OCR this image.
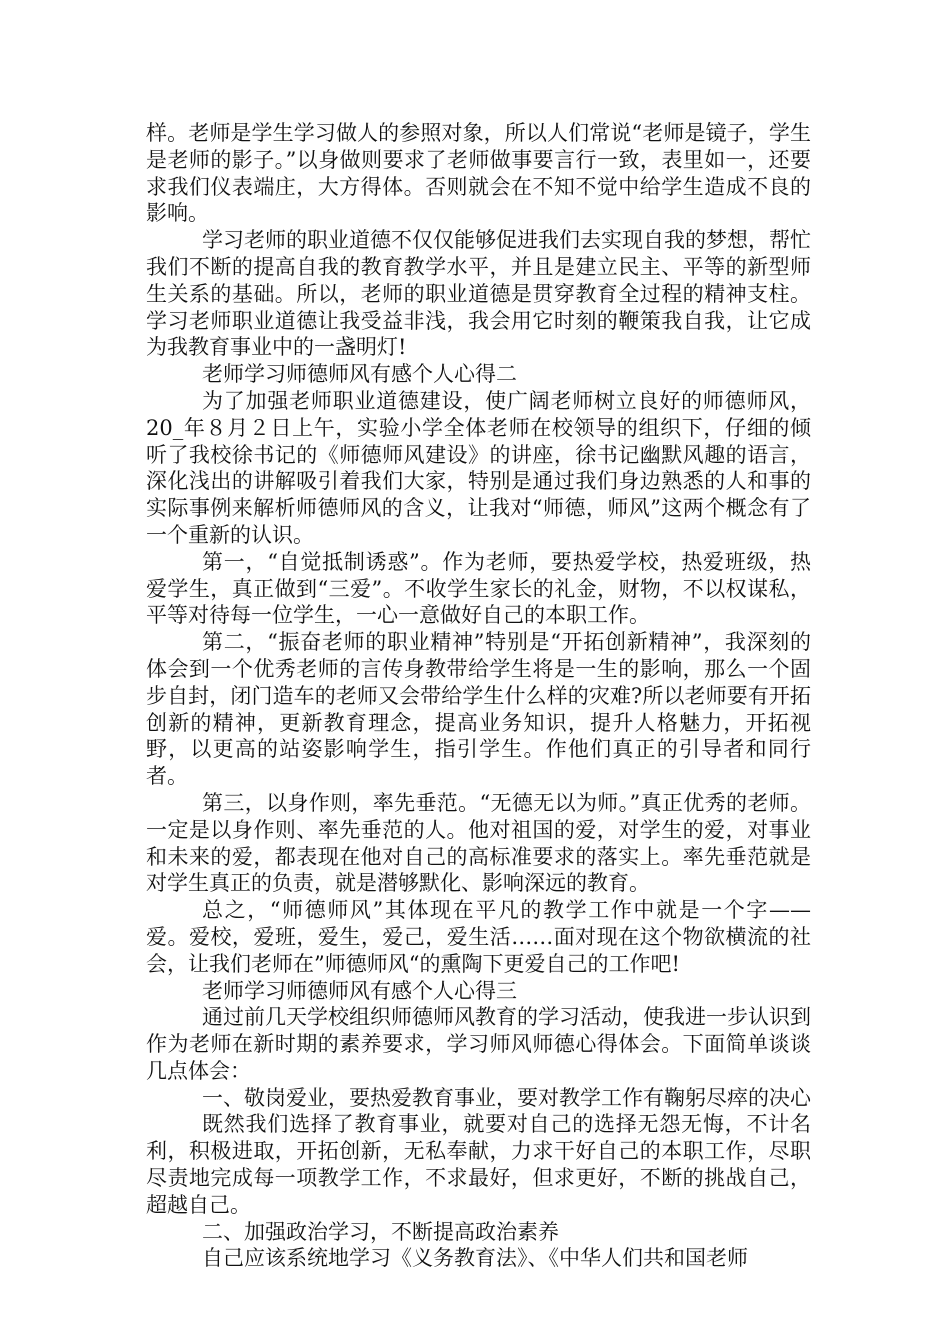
样。老师是学生学习做人的参照对象，所以人们常说“老师是镜子，学生是老师的影子。”以身做则要求了老师做事要言行一致，表里如一，还要求我们仪表端庄，大方得体。否则就会在不知不觉中给学生造成不良的影响。

学习老师的职业道德不仅仅能够促进我们去实现自我的梦想，帮忙我们不断的提高自我的教育教学水平，并且是建立民主、平等的新型师生关系的基础。所以，老师的职业道德是贯穿教育全过程的精神支柱。学习老师职业道德让我受益非浅，我会用它时刻的鞭策我自我，让它成为我教育事业中的一盏明灯!

老师学习师德师风有感个人心得二

为了加强老师职业道德建设，使广阔老师树立良好的师德师风，20_年８月２日上午，实验小学全体老师在校领导的组织下，仔细的倾听了我校徐书记的《师德师风建设》的讲座，徐书记幽默风趣的语言，深化浅出的讲解吸引着我们大家，特别是通过我们身边熟悉的人和事的实际事例来解析师德师风的含义，让我对“师德，师风”这两个概念有了一个重新的认识。

第一，“自觉抵制诱惑”。作为老师，要热爱学校，热爱班级，热爱学生，真正做到“三爱”。不收学生家长的礼金，财物，不以权谋私，平等对待每一位学生，一心一意做好自己的本职工作。

第二，“振奋老师的职业精神”特别是“开拓创新精神”，我深刻的体会到一个优秀老师的言传身教带给学生将是一生的影响，那么一个固步自封，闭门造车的老师又会带给学生什么样的灾难?所以老师要有开拓创新的精神，更新教育理念，提高业务知识，提升人格魅力，开拓视野，以更高的站姿影响学生，指引学生。作他们真正的引导者和同行者。

第三，以身作则，率先垂范。“无德无以为师。”真正优秀的老师。一定是以身作则、率先垂范的人。他对祖国的爱，对学生的爱，对事业和未来的爱，都表现在他对自己的高标准要求的落实上。率先垂范就是对学生真正的负责，就是潜够默化、影响深远的教育。

总之，“师德师风”其体现在平凡的教学工作中就是一个字——爱。爱校，爱班，爱生，爱己，爱生活……面对现在这个物欲横流的社会，让我们老师在”师德师风“的熏陶下更爱自己的工作吧!

老师学习师德师风有感个人心得三

通过前几天学校组织师德师风教育的学习活动，使我进一步认识到作为老师在新时期的素养要求，学习师风师德心得体会。下面简单谈谈几点体会：

一、敬岗爱业，要热爱教育事业，要对教学工作有鞠躬尽瘁的决心

既然我们选择了教育事业，就要对自己的选择无怨无悔，不计名利，积极进取，开拓创新，无私奉献，力求干好自己的本职工作，尽职尽责地完成每一项教学工作，不求最好，但求更好，不断的挑战自己，超越自己。

二、加强政治学习，不断提高政治素养

自己应该系统地学习《义务教育法》、《中华人们共和国老师
